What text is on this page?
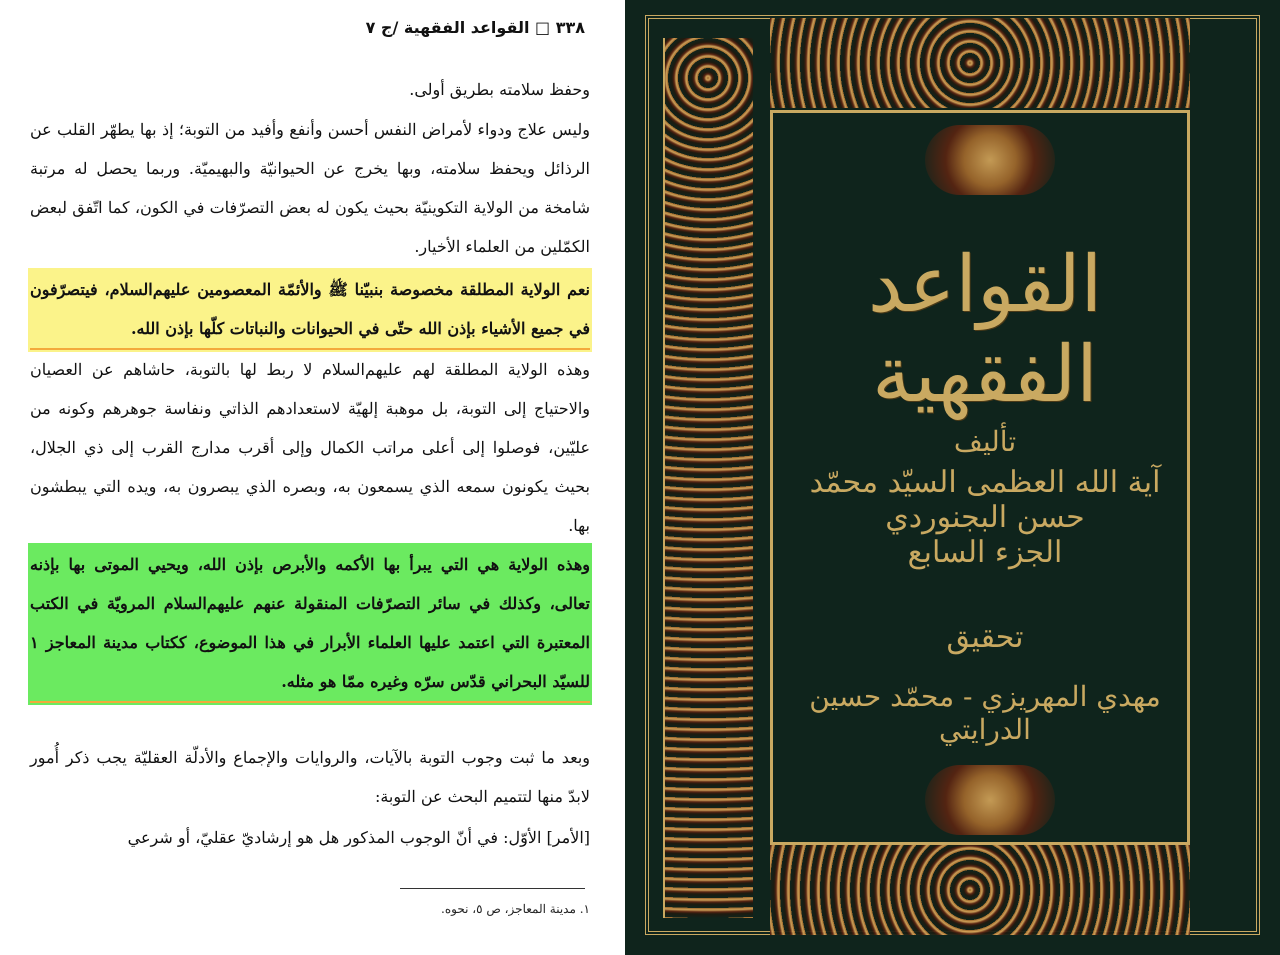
٣٣٨ □ القواعد الفقهية /ج ٧
وحفظ سلامته بطريق أولى.
وليس علاج ودواء لأمراض النفس أحسن وأنفع وأفيد من التوبة؛ إذ بها يطهّر القلب عن الرذائل ويحفظ سلامته، وبها يخرج عن الحيوانيّة والبهيميّة. وربما يحصل له مرتبة شامخة من الولاية التكوينيّة بحيث يكون له بعض التصرّفات في الكون، كما اتّفق لبعض الكمّلين من العلماء الأخيار.
نعم الولاية المطلقة مخصوصة بنبيّنا ﷺ والأئمّة المعصومين عليهم‌السلام، فيتصرّفون في جميع الأشياء بإذن الله حتّى في الحيوانات والنباتات كلّها بإذن الله.
وهذه الولاية المطلقة لهم عليهم‌السلام لا ربط لها بالتوبة، حاشاهم عن العصيان والاحتياج إلى التوبة، بل موهبة إلهيّة لاستعدادهم الذاتي ونفاسة جوهرهم وكونه من عليّين، فوصلوا إلى أعلى مراتب الكمال وإلى أقرب مدارج القرب إلى ذي الجلال، بحيث يكونون سمعه الذي يسمعون به، وبصره الذي يبصرون به، ويده التي يبطشون بها.
وهذه الولاية هي التي يبرأ بها الأكمه والأبرص بإذن الله، ويحيي الموتى بها بإذنه تعالى، وكذلك في سائر التصرّفات المنقولة عنهم عليهم‌السلام المرويّة في الكتب المعتبرة التي اعتمد عليها العلماء الأبرار في هذا الموضوع، ككتاب مدينة المعاجز ١ للسيّد البحراني قدّس سرّه وغيره ممّا هو مثله.
وبعد ما ثبت وجوب التوبة بالآيات، والروايات والإجماع والأدلّة العقليّة يجب ذكر أُمور لابدّ منها لتتميم البحث عن التوبة:
[الأمر] الأوّل: في أنّ الوجوب المذكور هل هو إرشاديّ عقليّ، أو شرعي
١. مدينة المعاجز، ص ٥، نحوه.
القواعد الفقهية
تأليف
آية الله العظمى السيّد محمّد حسن البجنوردي
الجزء السابع
تحقيق
مهدي المهريزي - محمّد حسين الدرايتي
